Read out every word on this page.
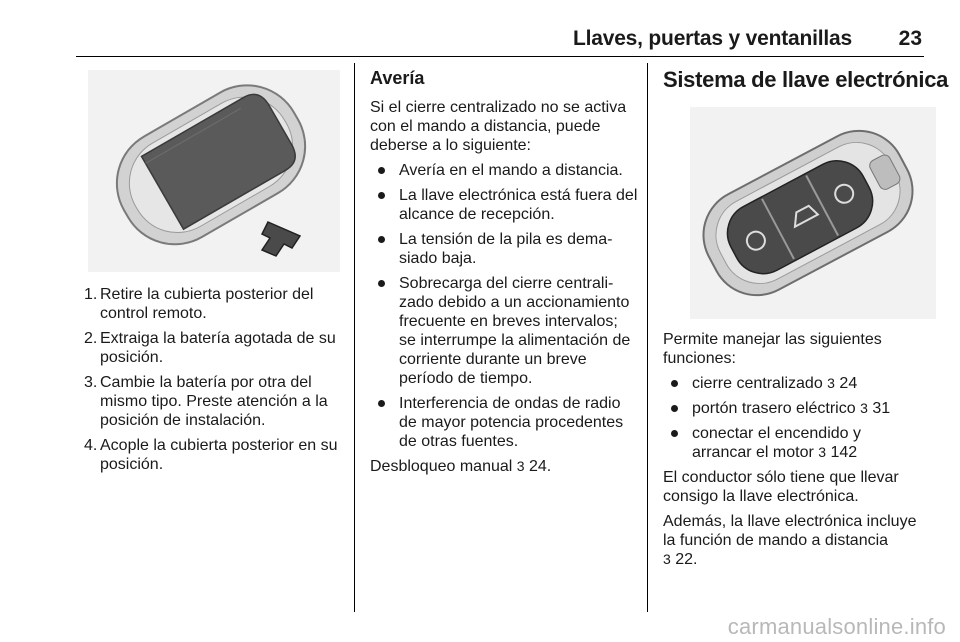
Llaves, puertas y ventanillas 23
1. Retire la cubierta posterior del control remoto.
2. Extraiga la batería agotada de su posición.
3. Cambie la batería por otra del mismo tipo. Preste atención a la posición de instalación.
4. Acople la cubierta posterior en su posición.
Avería

Si el cierre centralizado no se activa con el mando a distancia, puede deberse a lo siguiente:

Avería en el mando a distancia.
La llave electrónica está fuera del alcance de recepción.
La tensión de la pila es dema-siado baja.
Sobrecarga del cierre centrali-zado debido a un accionamiento frecuente en breves intervalos; se interrumpe la alimentación de corriente durante un breve período de tiempo.
Interferencia de ondas de radio de mayor potencia procedentes de otras fuentes.

Desbloqueo manual 3 24.

Sistema de llave electrónica

Permite manejar las siguientes funciones:

cierre centralizado 3 24
portón trasero eléctrico 3 31
conectar el encendido y arrancar el motor 3 142

El conductor sólo tiene que llevar consigo la llave electrónica.

Además, la llave electrónica incluye la función de mando a distancia
3 22.

carmanualsonline.info
